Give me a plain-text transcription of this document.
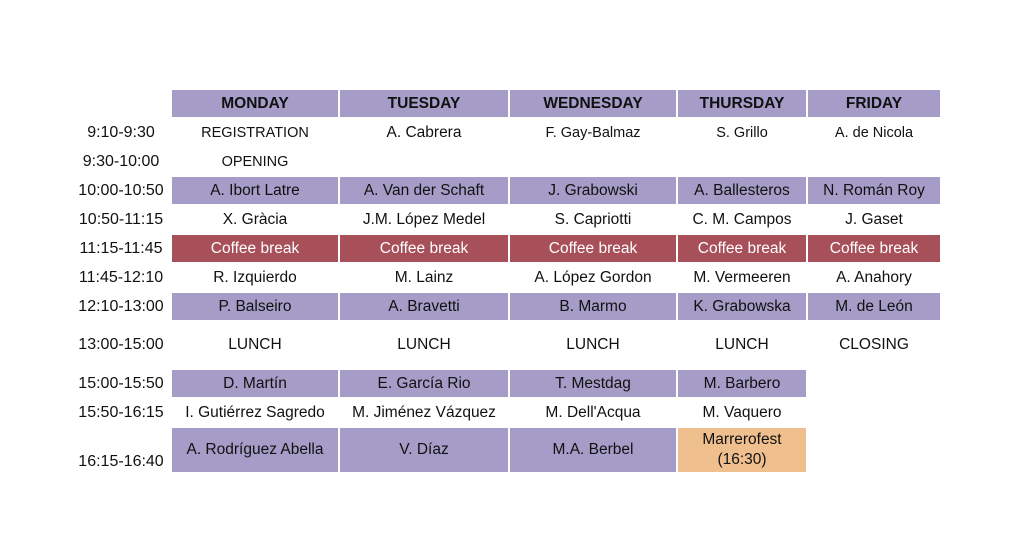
	MONDAY	TUESDAY	WEDNESDAY	THURSDAY	FRIDAY
9:10-9:30	REGISTRATION	A. Cabrera	F. Gay-Balmaz	S. Grillo	A. de Nicola
9:30-10:00	OPENING				
10:00-10:50	A. Ibort Latre	A. Van der Schaft	J. Grabowski	A. Ballesteros	N. Román Roy
10:50-11:15	X. Gràcia	J.M. López Medel	S. Capriotti	C. M. Campos	J. Gaset
11:15-11:45	Coffee break	Coffee break	Coffee break	Coffee break	Coffee break
11:45-12:10	R. Izquierdo	M. Lainz	A. López Gordon	M. Vermeeren	A. Anahory
12:10-13:00	P. Balseiro	A. Bravetti	B. Marmo	K. Grabowska	M. de León
13:00-15:00	LUNCH	LUNCH	LUNCH	LUNCH	CLOSING
15:00-15:50	D. Martín	E. García Rio	T. Mestdag	M. Barbero	
15:50-16:15	I. Gutiérrez Sagredo	M. Jiménez Vázquez	M. Dell'Acqua	M. Vaquero	
16:15-16:40	A. Rodríguez Abella	V. Díaz	M.A. Berbel	Marrerofest
(16:30)	
